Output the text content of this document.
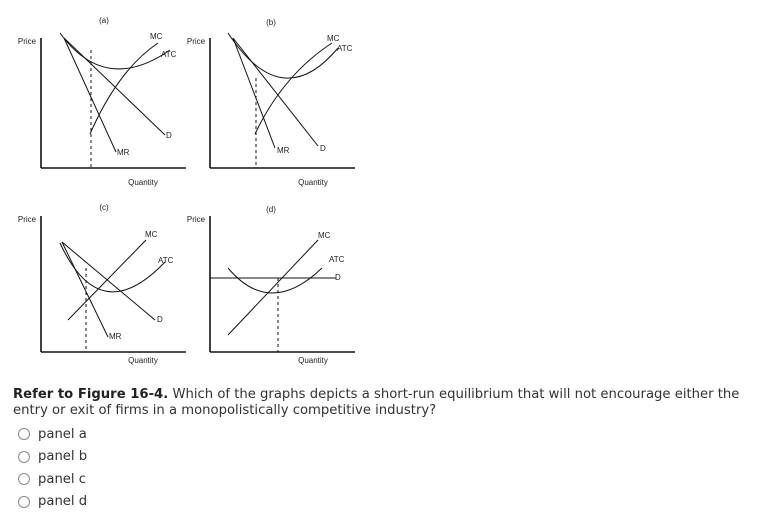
(a)
Price
Quantity
MC
ATC
D
MR
(b)
Price
Quantity
MC
ATC
D
MR
(c)
Price
Quantity
MC
ATC
D
MR
(d)
Price
Quantity
MC
ATC
D
Refer to Figure 16-4. Which of the graphs depicts a short-run equilibrium that will not encourage either the entry or exit of firms in a monopolistically competitive industry?
panel a
panel b
panel c
panel d
